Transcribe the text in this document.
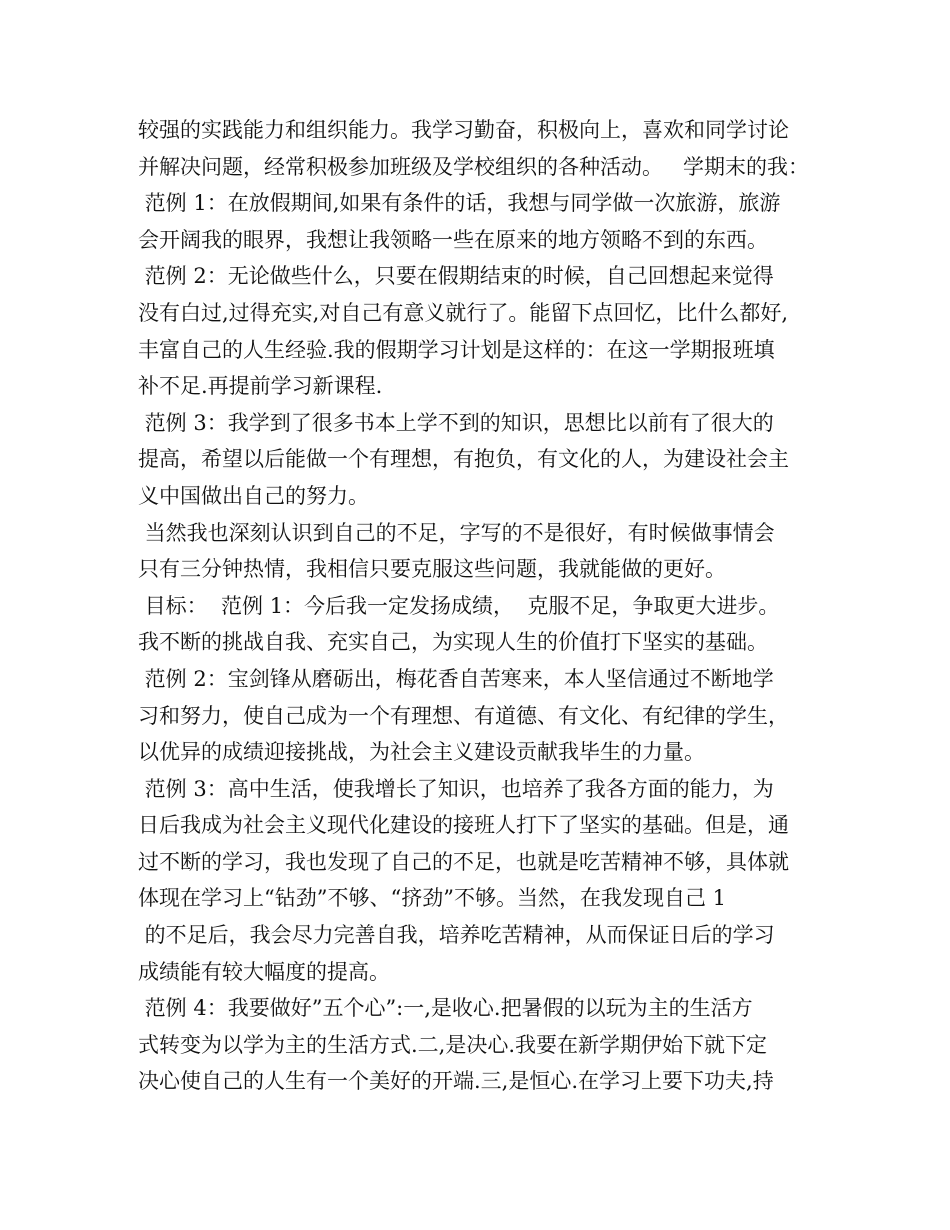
较强的实践能力和组织能力。我学习勤奋，积极向上，喜欢和同学讨论
并解决问题，经常积极参加班级及学校组织的各种活动。   学期末的我：
范例 1：在放假期间,如果有条件的话，我想与同学做一次旅游，旅游
会开阔我的眼界，我想让我领略一些在原来的地方领略不到的东西。
范例 2：无论做些什么，只要在假期结束的时候，自己回想起来觉得
没有白过,过得充实,对自己有意义就行了。能留下点回忆，比什么都好,
丰富自己的人生经验.我的假期学习计划是这样的：在这一学期报班填
补不足.再提前学习新课程.
范例 3：我学到了很多书本上学不到的知识，思想比以前有了很大的
提高，希望以后能做一个有理想，有抱负，有文化的人，为建设社会主
义中国做出自己的努力。
当然我也深刻认识到自己的不足，字写的不是很好，有时候做事情会
只有三分钟热情，我相信只要克服这些问题，我就能做的更好。
目标：  范例 1：今后我一定发扬成绩，  克服不足，争取更大进步。
我不断的挑战自我、充实自己，为实现人生的价值打下坚实的基础。
范例 2：宝剑锋从磨砺出，梅花香自苦寒来，本人坚信通过不断地学
习和努力，使自己成为一个有理想、有道德、有文化、有纪律的学生，
以优异的成绩迎接挑战，为社会主义建设贡献我毕生的力量。
范例 3：高中生活，使我增长了知识，也培养了我各方面的能力，为
日后我成为社会主义现代化建设的接班人打下了坚实的基础。但是，通
过不断的学习，我也发现了自己的不足，也就是吃苦精神不够，具体就
体现在学习上“钻劲”不够、“挤劲”不够。当然，在我发现自己 1
的不足后，我会尽力完善自我，培养吃苦精神，从而保证日后的学习
成绩能有较大幅度的提高。
范例 4：我要做好”五个心”:一,是收心.把暑假的以玩为主的生活方
式转变为以学为主的生活方式.二,是决心.我要在新学期伊始下就下定
决心使自己的人生有一个美好的开端.三,是恒心.在学习上要下功夫,持
